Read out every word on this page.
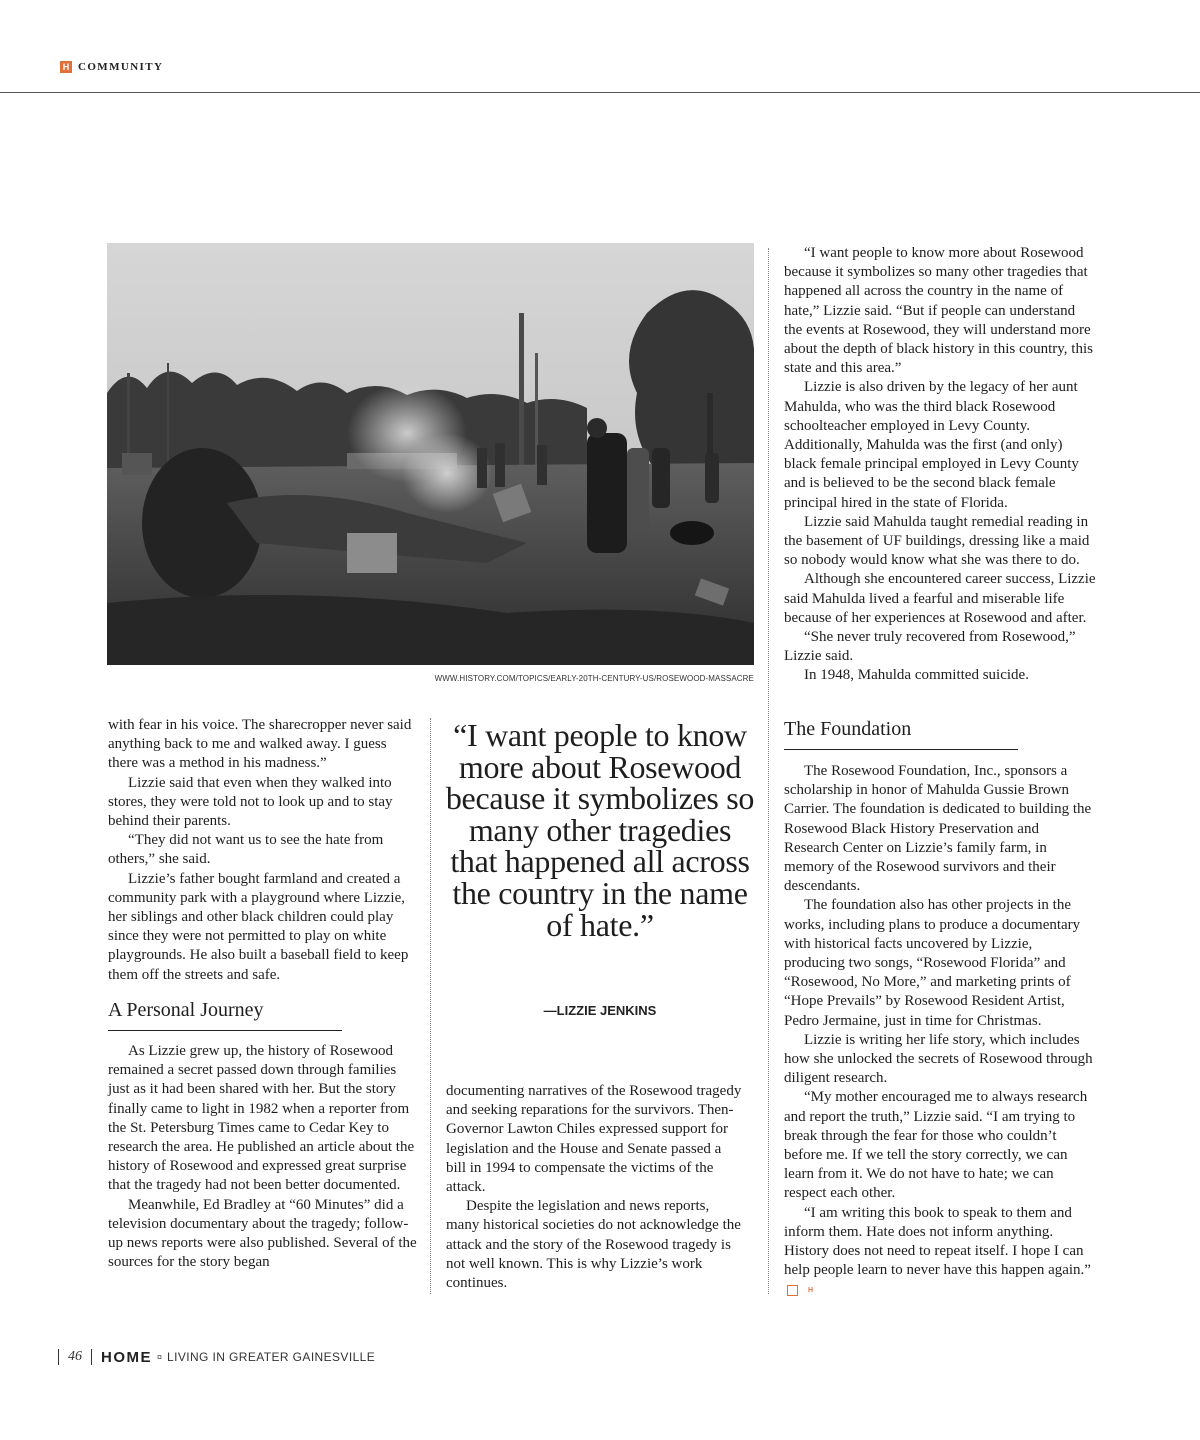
H COMMUNITY
WWW.HISTORY.COM/TOPICS/EARLY-20TH-CENTURY-US/ROSEWOOD-MASSACRE

with fear in his voice. The sharecropper never said anything back to me and walked away. I guess there was a method in his madness.”

Lizzie said that even when they walked into stores, they were told not to look up and to stay behind their parents.

“They did not want us to see the hate from others,” she said.

Lizzie’s father bought farmland and created a community park with a playground where Lizzie, her siblings and other black children could play since they were not permitted to play on white playgrounds. He also built a baseball field to keep them off the streets and safe.

A Personal Journey

As Lizzie grew up, the history of Rosewood remained a secret passed down through families just as it had been shared with her. But the story finally came to light in 1982 when a reporter from the St. Petersburg Times came to Cedar Key to research the area. He published an article about the history of Rosewood and expressed great surprise that the tragedy had not been better documented.

Meanwhile, Ed Bradley at “60 Minutes” did a television documentary about the tragedy; follow-up news reports were also published. Several of the sources for the story began

“I want people to know more about Rosewood because it symbolizes so many other tragedies that happened all across the country in the name of hate.”
—LIZZIE JENKINS

documenting narratives of the Rosewood tragedy and seeking reparations for the survivors. Then-Governor Lawton Chiles expressed support for legislation and the House and Senate passed a bill in 1994 to compensate the victims of the attack.

Despite the legislation and news reports, many historical societies do not acknowledge the attack and the story of the Rosewood tragedy is not well known. This is why Lizzie’s work continues.

“I want people to know more about Rosewood because it symbolizes so many other tragedies that happened all across the country in the name of hate,” Lizzie said. “But if people can understand the events at Rosewood, they will understand more about the depth of black history in this country, this state and this area.”

Lizzie is also driven by the legacy of her aunt Mahulda, who was the third black Rosewood schoolteacher employed in Levy County. Additionally, Mahulda was the first (and only) black female principal employed in Levy County and is believed to be the second black female principal hired in the state of Florida.

Lizzie said Mahulda taught remedial reading in the basement of UF buildings, dressing like a maid so nobody would know what she was there to do.

Although she encountered career success, Lizzie said Mahulda lived a fearful and miserable life because of her experiences at Rosewood and after.

“She never truly recovered from Rosewood,” Lizzie said.

In 1948, Mahulda committed suicide.

The Foundation

The Rosewood Foundation, Inc., sponsors a scholarship in honor of Mahulda Gussie Brown Carrier. The foundation is dedicated to building the Rosewood Black History Preservation and Research Center on Lizzie’s family farm, in memory of the Rosewood survivors and their descendants.

The foundation also has other projects in the works, including plans to produce a documentary with historical facts uncovered by Lizzie, producing two songs, “Rosewood Florida” and “Rosewood, No More,” and marketing prints of “Hope Prevails” by Rosewood Resident Artist, Pedro Jermaine, just in time for Christmas.

Lizzie is writing her life story, which includes how she unlocked the secrets of Rosewood through diligent research.

“My mother encouraged me to always research and report the truth,” Lizzie said. “I am trying to break through the fear for those who couldn’t before me. If we tell the story correctly, we can learn from it. We do not have to hate; we can respect each other.

“I am writing this book to speak to them and inform them. Hate does not inform anything. History does not need to repeat itself. I hope I can help people learn to never have this happen again.”H

46 HOME ¤ LIVING IN GREATER GAINESVILLE
